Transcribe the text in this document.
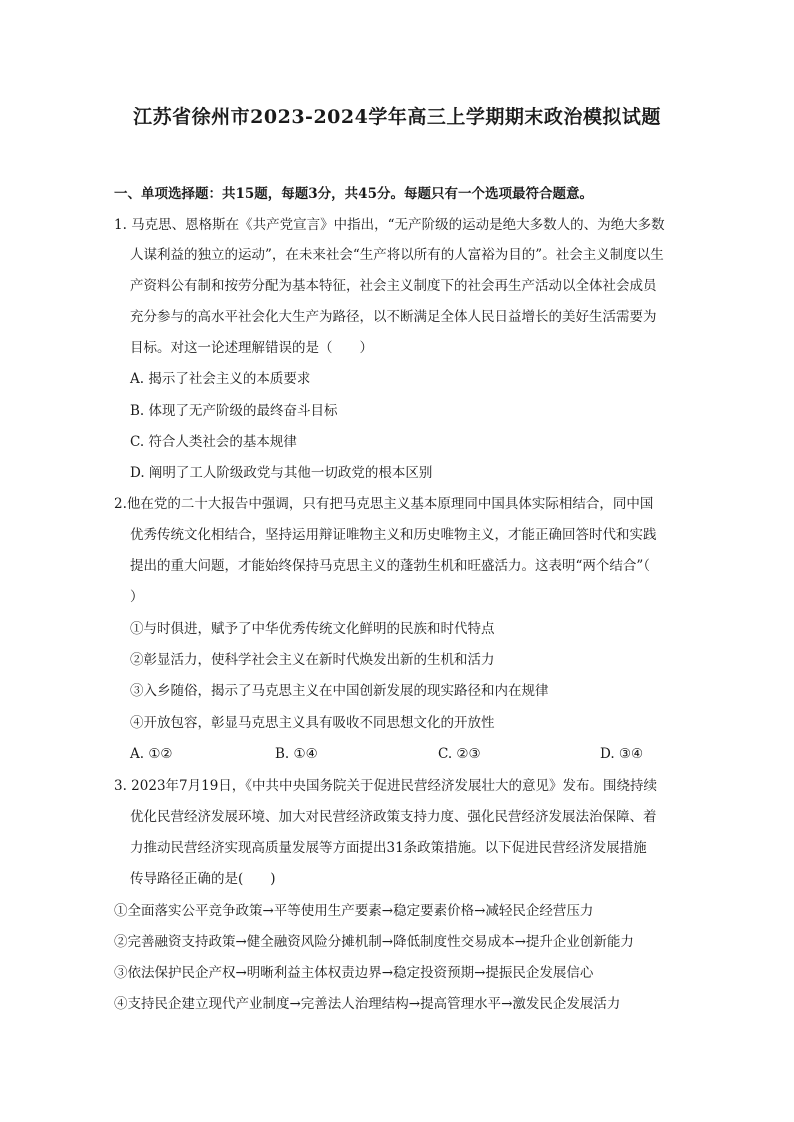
江苏省徐州市2023-2024学年高三上学期期末政治模拟试题
一、单项选择题：共15题，每题3分，共45分。每题只有一个选项最符合题意。
1. 马克思、恩格斯在《共产党宣言》中指出，“无产阶级的运动是绝大多数人的、为绝大多数
人谋利益的独立的运动”，在未来社会“生产将以所有的人富裕为目的”。社会主义制度以生
产资料公有制和按劳分配为基本特征，社会主义制度下的社会再生产活动以全体社会成员
充分参与的高水平社会化大生产为路径，以不断满足全体人民日益增长的美好生活需要为
目标。对这一论述理解错误的是（　　）
A. 揭示了社会主义的本质要求
B. 体现了无产阶级的最终奋斗目标
C. 符合人类社会的基本规律
D. 阐明了工人阶级政党与其他一切政党的根本区别
2.他在党的二十大报告中强调，只有把马克思主义基本原理同中国具体实际相结合，同中国
优秀传统文化相结合，坚持运用辩证唯物主义和历史唯物主义，才能正确回答时代和实践
提出的重大问题，才能始终保持马克思主义的蓬勃生机和旺盛活力。这表明“两个结合”（
）
①与时俱进，赋予了中华优秀传统文化鲜明的民族和时代特点
②彰显活力，使科学社会主义在新时代焕发出新的生机和活力
③入乡随俗，揭示了马克思主义在中国创新发展的现实路径和内在规律
④开放包容，彰显马克思主义具有吸收不同思想文化的开放性
A. ①②	B. ①④	C. ②③	D. ③④
3. 2023年7月19日，《中共中央国务院关于促进民营经济发展壮大的意见》发布。围绕持续
优化民营经济发展环境、加大对民营经济政策支持力度、强化民营经济发展法治保障、着
力推动民营经济实现高质量发展等方面提出31条政策措施。以下促进民营经济发展措施
传导路径正确的是(　　)
①全面落实公平竞争政策→平等使用生产要素→稳定要素价格→减轻民企经营压力
②完善融资支持政策→健全融资风险分摊机制→降低制度性交易成本→提升企业创新能力
③依法保护民企产权→明晰利益主体权责边界→稳定投资预期→提振民企发展信心
④支持民企建立现代产业制度→完善法人治理结构→提高管理水平→激发民企发展活力
